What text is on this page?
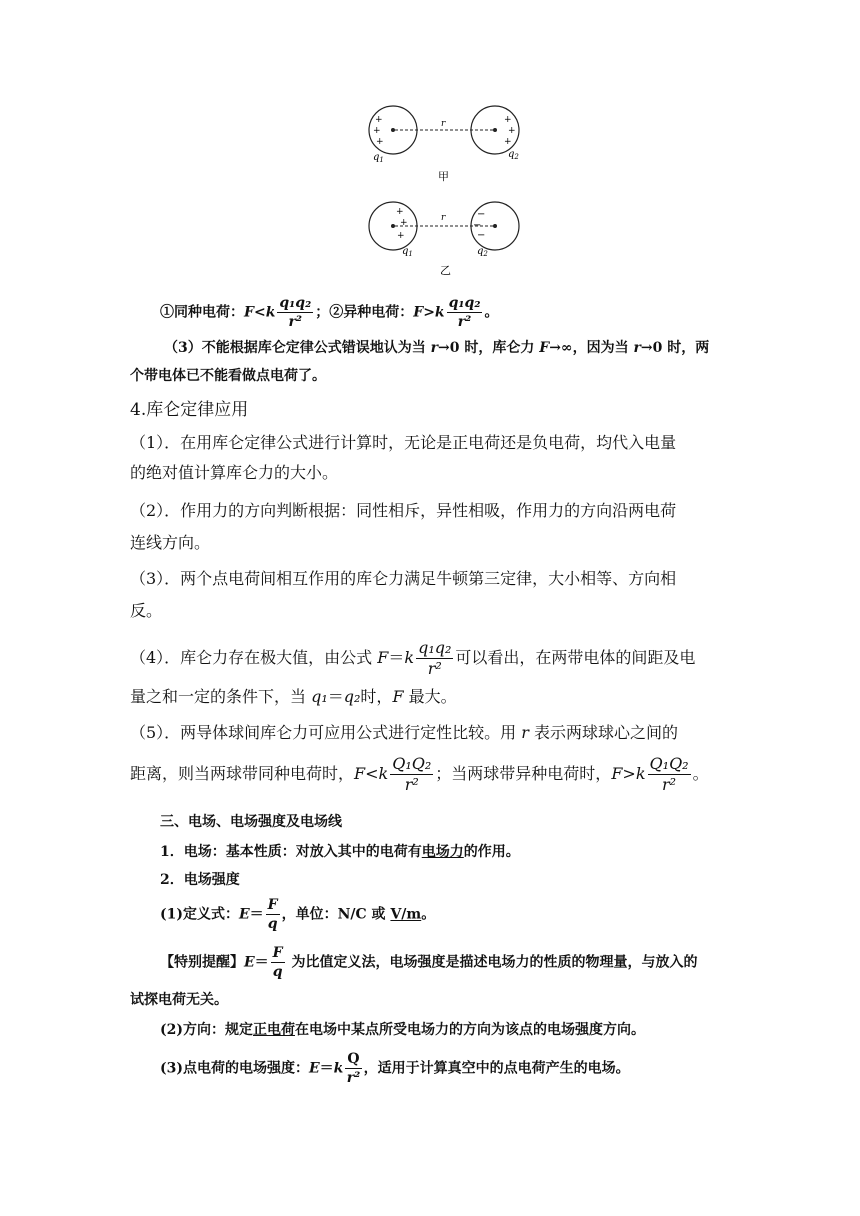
+
+
+
+
+
+
r
$q_1$	$q_2$
甲
+
+
+
−
−
−
r
$q_1$	$q_2$
乙
①同种电荷：$F<k \frac{\text{q₁q₂}}{\text{r²}}$ ；②异种电荷：$F>k \frac{\text{q₁q₂}}{\text{r²}}$ 。
（3）不能根据库仑定律公式错误地认为当 r→0 时，库仑力 F→∞，因为当 r→0 时，两
个带电体已不能看做点电荷了。
4.库仑定律应用
（1）．在用库仑定律公式进行计算时，无论是正电荷还是负电荷，均代入电量
的绝对值计算库仑力的大小。
（2）．作用力的方向判断根据：同性相斥，异性相吸，作用力的方向沿两电荷
连线方向。
（3）．两个点电荷间相互作用的库仑力满足牛顿第三定律，大小相等、方向相
反。
（4）．库仑力存在极大值，由公式 $F=k \frac{\text{q₁q₂}}{\text{r²}}$ 可以看出，在两带电体的间距及电
量之和一定的条件下，当 q₁＝q₂时，F 最大。
（5）．两导体球间库仑力可应用公式进行定性比较。用 r 表示两球球心之间的
距离，则当两球带同种电荷时，$F<k \frac{\text{Q₁Q₂}}{\text{r²}}$ ；当两球带异种电荷时，$F>k \frac{\text{Q₁Q₂}}{\text{r²}}$ 。
三、电场、电场强度及电场线
1．电场：基本性质：对放入其中的电荷有电场力的作用。
2．电场强度
(1)定义式：$E= \frac{F}{q}$ ，单位：N/C 或 V/m。
【特别提醒】$E= \frac{F}{q}$ 为比值定义法，电场强度是描述电场力的性质的物理量，与放入的
试探电荷无关。
(2)方向：规定正电荷在电场中某点所受电场力的方向为该点的电场强度方向。
(3)点电荷的电场强度：$E=k \frac{Q}{\text{r²}}$ ，适用于计算真空中的点电荷产生的电场。
